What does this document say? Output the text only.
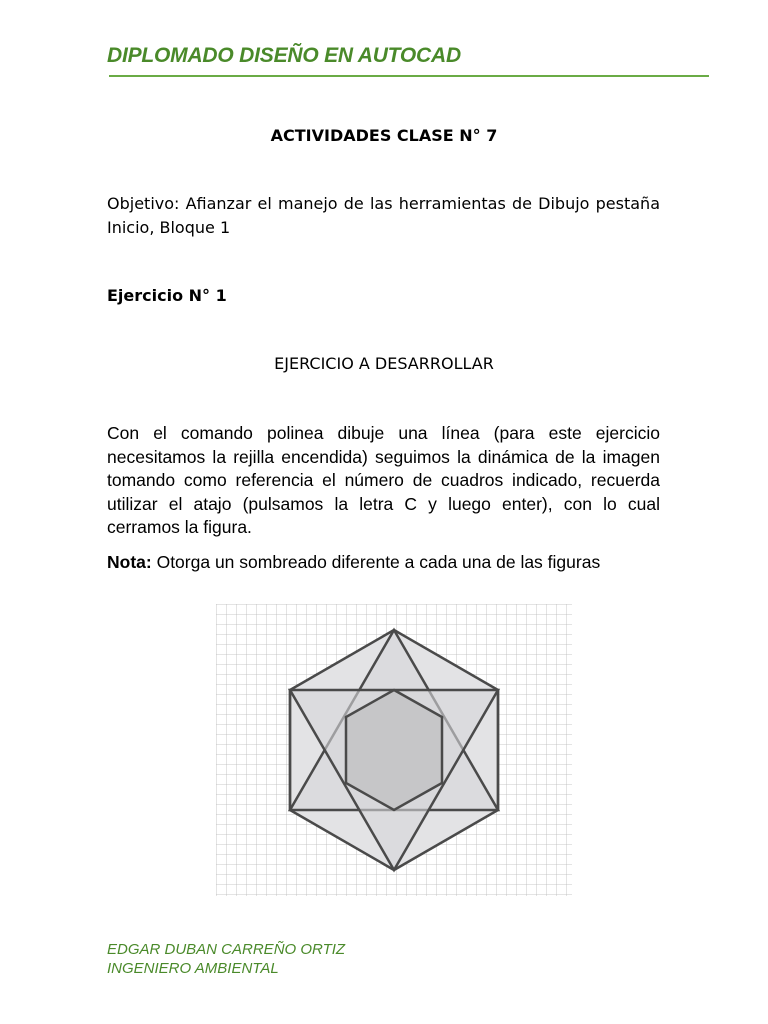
DIPLOMADO DISEÑO EN AUTOCAD
ACTIVIDADES CLASE N° 7
Objetivo: Afianzar el manejo de las herramientas de Dibujo pestaña Inicio, Bloque 1
Ejercicio N° 1
EJERCICIO A DESARROLLAR
Con el comando polinea dibuje una línea (para este ejercicio necesitamos la rejilla encendida) seguimos la dinámica de la imagen tomando como referencia el número de cuadros indicado, recuerda utilizar el atajo (pulsamos la letra C y luego enter), con lo cual cerramos la figura.
Nota: Otorga un sombreado diferente a cada una de las figuras
EDGAR DUBAN CARREÑO ORTIZ
INGENIERO AMBIENTAL
